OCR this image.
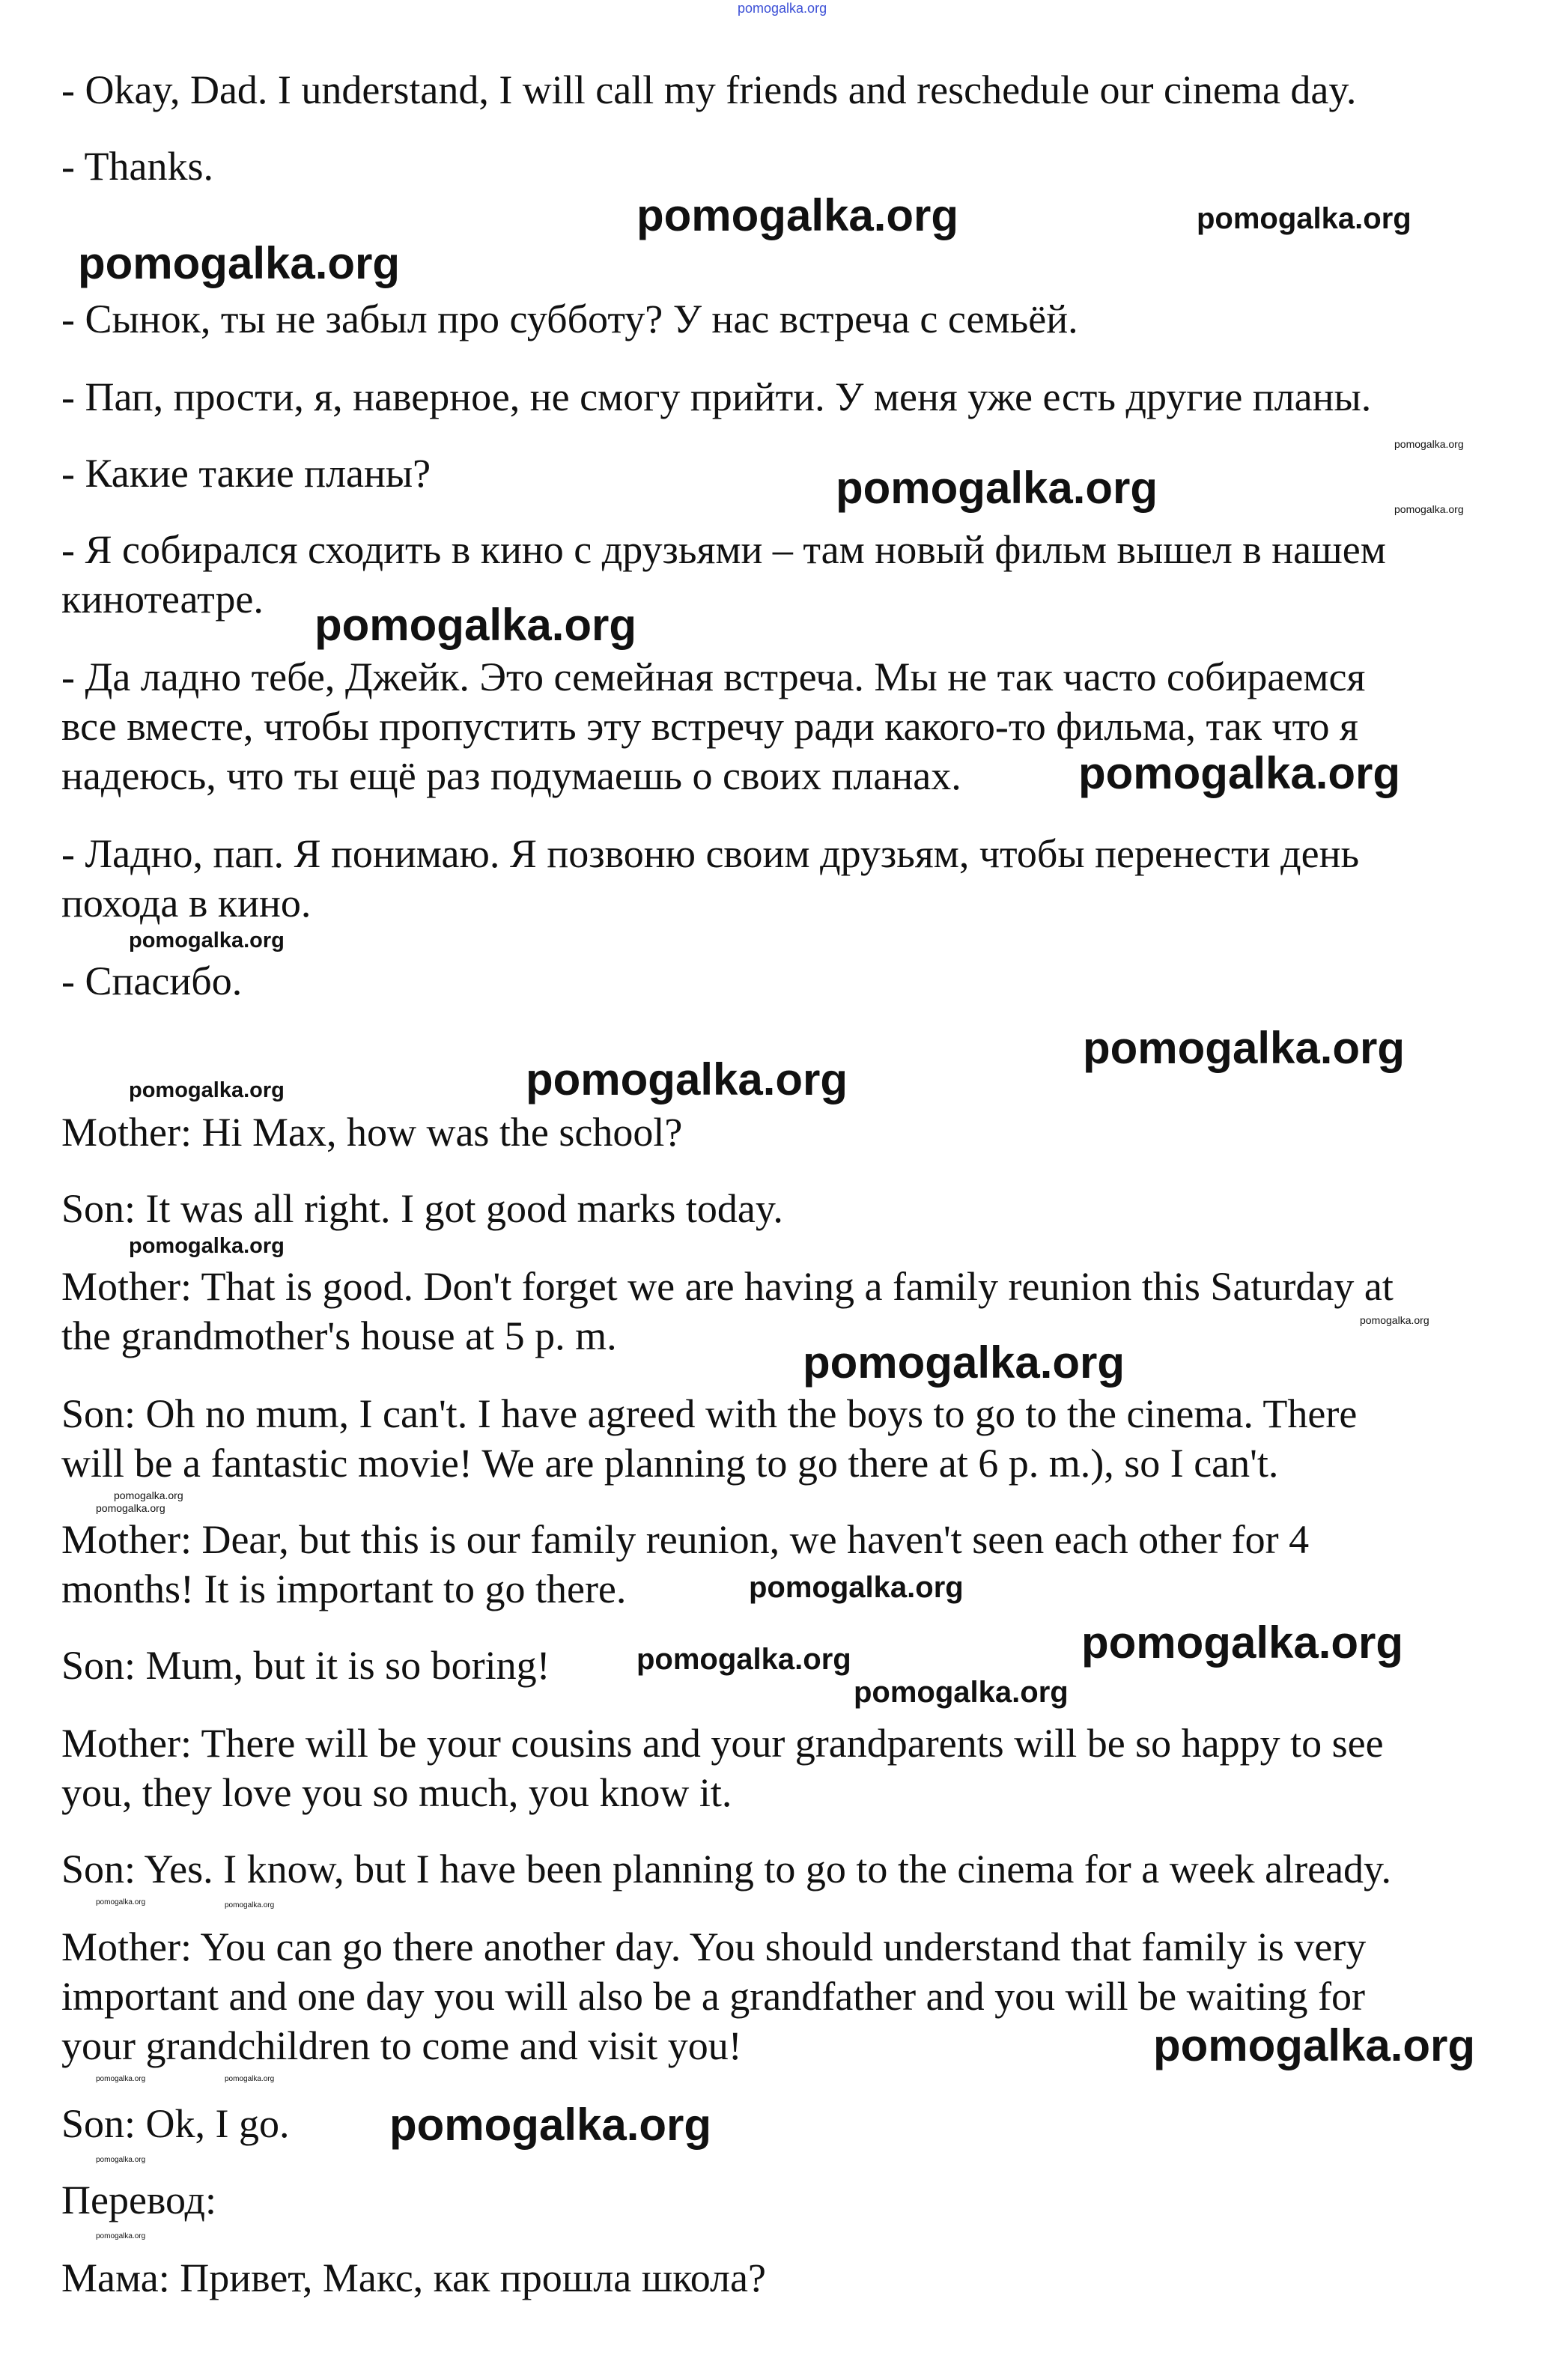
- Okay, Dad. I understand, I will call my friends and reschedule our cinema day.
- Thanks.
- Сынок, ты не забыл про субботу? У нас встреча с семьёй.
- Пап, прости, я, наверное, не смогу прийти. У меня уже есть другие планы.
- Какие такие планы?
- Я собирался сходить в кино с друзьями – там новый фильм вышел в нашем
кинотеатре.
- Да ладно тебе, Джейк. Это семейная встреча. Мы не так часто собираемся
все вместе, чтобы пропустить эту встречу ради какого-то фильма, так что я
надеюсь, что ты ещё раз подумаешь о своих планах.
- Ладно, пап. Я понимаю. Я позвоню своим друзьям, чтобы перенести день
похода в кино.
- Спасибо.
Mother: Hi Max, how was the school?
Son: It was all right. I got good marks today.
Mother: That is good. Don't forget we are having a family reunion this Saturday at
the grandmother's house at 5 p. m.
Son: Oh no mum, I can't. I have agreed with the boys to go to the cinema. There
will be a fantastic movie! We are planning to go there at 6 p. m.), so I can't.
Mother: Dear, but this is our family reunion, we haven't seen each other for 4
months! It is important to go there.
Son: Mum, but it is so boring!
Mother: There will be your cousins and your grandparents will be so happy to see
you, they love you so much, you know it.
Son: Yes. I know, but I have been planning to go to the cinema for a week already.
Mother: You can go there another day. You should understand that family is very
important and one day you will also be a grandfather and you will be waiting for
your grandchildren to come and visit you!
Son: Ok, I go.
Перевод:
Мама: Привет, Макс, как прошла школа?
pomogalka.org
pomogalka.org	pomogalka.org
pomogalka.org
pomogalka.org
pomogalka.org	pomogalka.org
pomogalka.org
pomogalka.org
pomogalka.org
pomogalka.org
pomogalka.org	pomogalka.org
pomogalka.org
pomogalka.org
pomogalka.org
pomogalka.org
pomogalka.org
pomogalka.org
pomogalka.org
pomogalka.org
pomogalka.org
pomogalka.org	pomogalka.org
pomogalka.org
pomogalka.org
pomogalka.org
pomogalka.org
pomogalka.org
pomogalka.org
